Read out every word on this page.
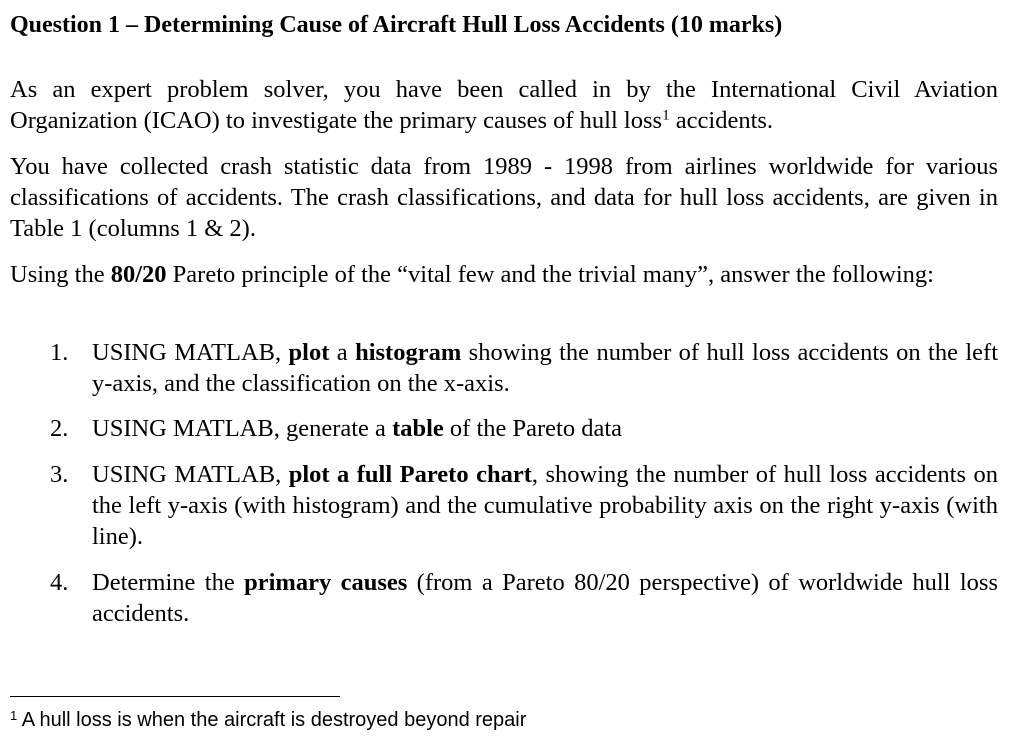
Question 1 – Determining Cause of Aircraft Hull Loss Accidents (10 marks)

As an expert problem solver, you have been called in by the International Civil Aviation Organization (ICAO) to investigate the primary causes of hull loss$^1$ accidents.

You have collected crash statistic data from 1989 - 1998 from airlines worldwide for various classifications of accidents. The crash classifications, and data for hull loss accidents, are given in Table 1 (columns 1 & 2).

Using the 80/20 Pareto principle of the “vital few and the trivial many”, answer the following:

1. USING MATLAB, plot a histogram showing the number of hull loss accidents on the left y-axis, and the classification on the x-axis.
2. USING MATLAB, generate a table of the Pareto data
3. USING MATLAB, plot a full Pareto chart, showing the number of hull loss accidents on the left y-axis (with histogram) and the cumulative probability axis on the right y-axis (with line).
4. Determine the primary causes (from a Pareto 80/20 perspective) of worldwide hull loss accidents.

$^1$ A hull loss is when the aircraft is destroyed beyond repair
